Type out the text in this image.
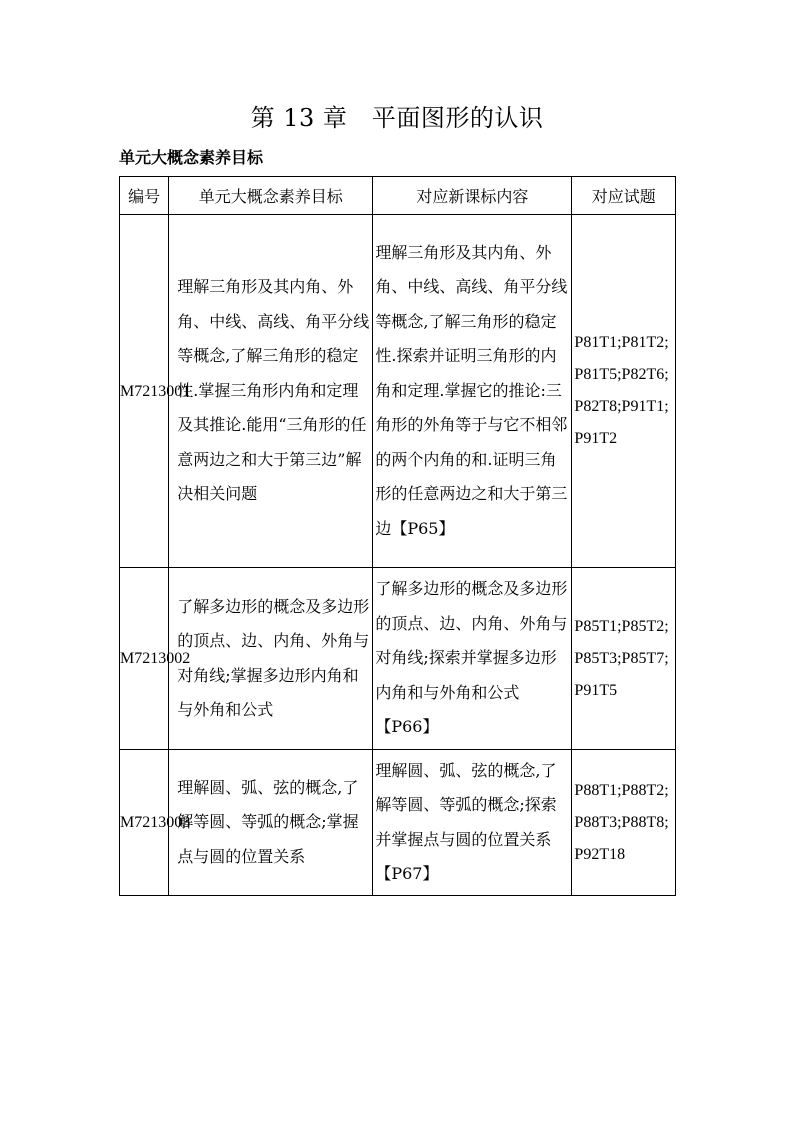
第 13 章　平面图形的认识
单元大概念素养目标
编号	单元大概念素养目标	对应新课标内容	对应试题
M7213001	理解三角形及其内角、外角、中线、高线、角平分线等概念,了解三角形的稳定性.掌握三角形内角和定理及其推论.能用“三角形的任意两边之和大于第三边”解决相关问题	理解三角形及其内角、外角、中线、高线、角平分线等概念,了解三角形的稳定性.探索并证明三角形的内角和定理.掌握它的推论:三角形的外角等于与它不相邻的两个内角的和.证明三角形的任意两边之和大于第三边【P65】	P81T1;P81T2;P81T5;P82T6;P82T8;P91T1;P91T2
M7213002	了解多边形的概念及多边形的顶点、边、内角、外角与对角线;掌握多边形内角和与外角和公式	了解多边形的概念及多边形的顶点、边、内角、外角与对角线;探索并掌握多边形内角和与外角和公式【P66】	P85T1;P85T2;P85T3;P85T7;P91T5
M7213003	理解圆、弧、弦的概念,了解等圆、等弧的概念;掌握点与圆的位置关系	理解圆、弧、弦的概念,了解等圆、等弧的概念;探索并掌握点与圆的位置关系【P67】	P88T1;P88T2;P88T3;P88T8;P92T18
